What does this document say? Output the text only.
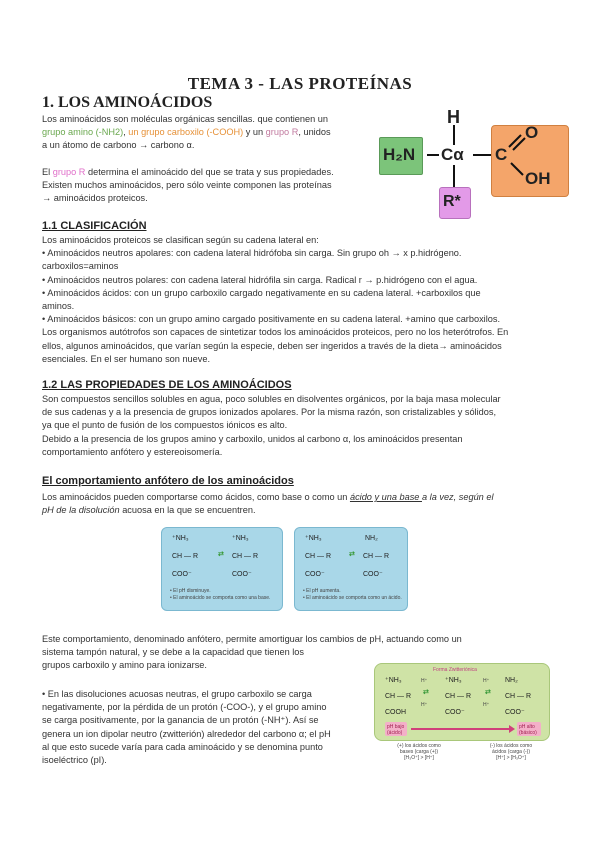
TEMA 3 - LAS PROTEÍNAS
1. LOS AMINOÁCIDOS
Los aminoácidos son moléculas orgánicas sencillas. que contienen un
grupo amino (-NH2), un grupo carboxilo (-COOH) y un grupo R, unidos
a un átomo de carbono → carbono α.
El grupo R determina el aminoácido del que se trata y sus propiedades.
Existen muchos aminoácidos, pero sólo veinte componen las proteínas
→ aminoácidos proteicos.
H
H₂N Cα C
O
OH
R*
1.1 CLASIFICACIÓN
Los aminoácidos proteicos se clasifican según su cadena lateral en:
• Aminoácidos neutros apolares: con cadena lateral hidrófoba sin carga. Sin grupo oh → x p.hidrógeno.
carboxilos=aminos
• Aminoácidos neutros polares: con cadena lateral hidrófila sin carga. Radical r → p.hidrógeno con el agua.
• Aminoácidos ácidos: con un grupo carboxilo cargado negativamente en su cadena lateral. +carboxilos que
aminos.
• Aminoácidos básicos: con un grupo amino cargado positivamente en su cadena lateral. +amino que carboxilos.
Los organismos autótrofos son capaces de sintetizar todos los aminoácidos proteicos, pero no los heterótrofos. En
ellos, algunos aminoácidos, que varían según la especie, deben ser ingeridos a través de la dieta→ aminoácidos
esenciales. En el ser humano son nueve.
1.2 LAS PROPIEDADES DE LOS AMINOÁCIDOS
Son compuestos sencillos solubles en agua, poco solubles en disolventes orgánicos, por la baja masa molecular
de sus cadenas y a la presencia de grupos ionizados apolares. Por la misma razón, son cristalizables y sólidos,
ya que el punto de fusión de los compuestos iónicos es alto.
Debido a la presencia de los grupos amino y carboxilo, unidos al carbono α, los aminoácidos presentan
comportamiento anfótero y estereoisomería.
El comportamiento anfótero de los aminoácidos
Los aminoácidos pueden comportarse como ácidos, como base o como un ácido y una base a la vez, según el
pH de la disolución acuosa en la que se encuentren.
⁺NH₃	⁺NH₃
CH — R	⇄ CH — R
COO⁻	COO⁻
• El pH disminuye.
• El aminoácido se comporta como una base.
⁺NH₃	NH₂
CH — R	⇄ CH — R
COO⁻	COO⁻
• El pH aumenta.
• El aminoácido se comporta como un ácido.
Este comportamiento, denominado anfótero, permite amortiguar los cambios de pH, actuando como un
sistema tampón natural, y se debe a la capacidad que tienen los
grupos carboxilo y amino para ionizarse.
• En las disoluciones acuosas neutras, el grupo carboxilo se carga
negativamente, por la pérdida de un protón (-COO-), y el grupo amino
se carga positivamente, por la ganancia de un protón (-NH⁺). Así se
genera un ion dipolar neutro (zwitterión) alrededor del carbono α; el pH
al que esto sucede varía para cada aminoácido y se denomina punto
isoeléctrico (pI).
Forma Zwitteriónica
⁺NH₃	⁺NH₃	NH₂
H⁺	H⁺
CH — R
⇄
CH — R
⇄
CH — R
H⁺	H⁺
COOH	COO⁻	COO⁻
pH bajo (ácido)
pH alto (básico)
(+) los ácidos como
bases (carga (+))
[H₃O⁺] > [H⁺]
(-) los ácidos como
ácidos (carga (-))
[H⁺] > [H₃O⁺]
